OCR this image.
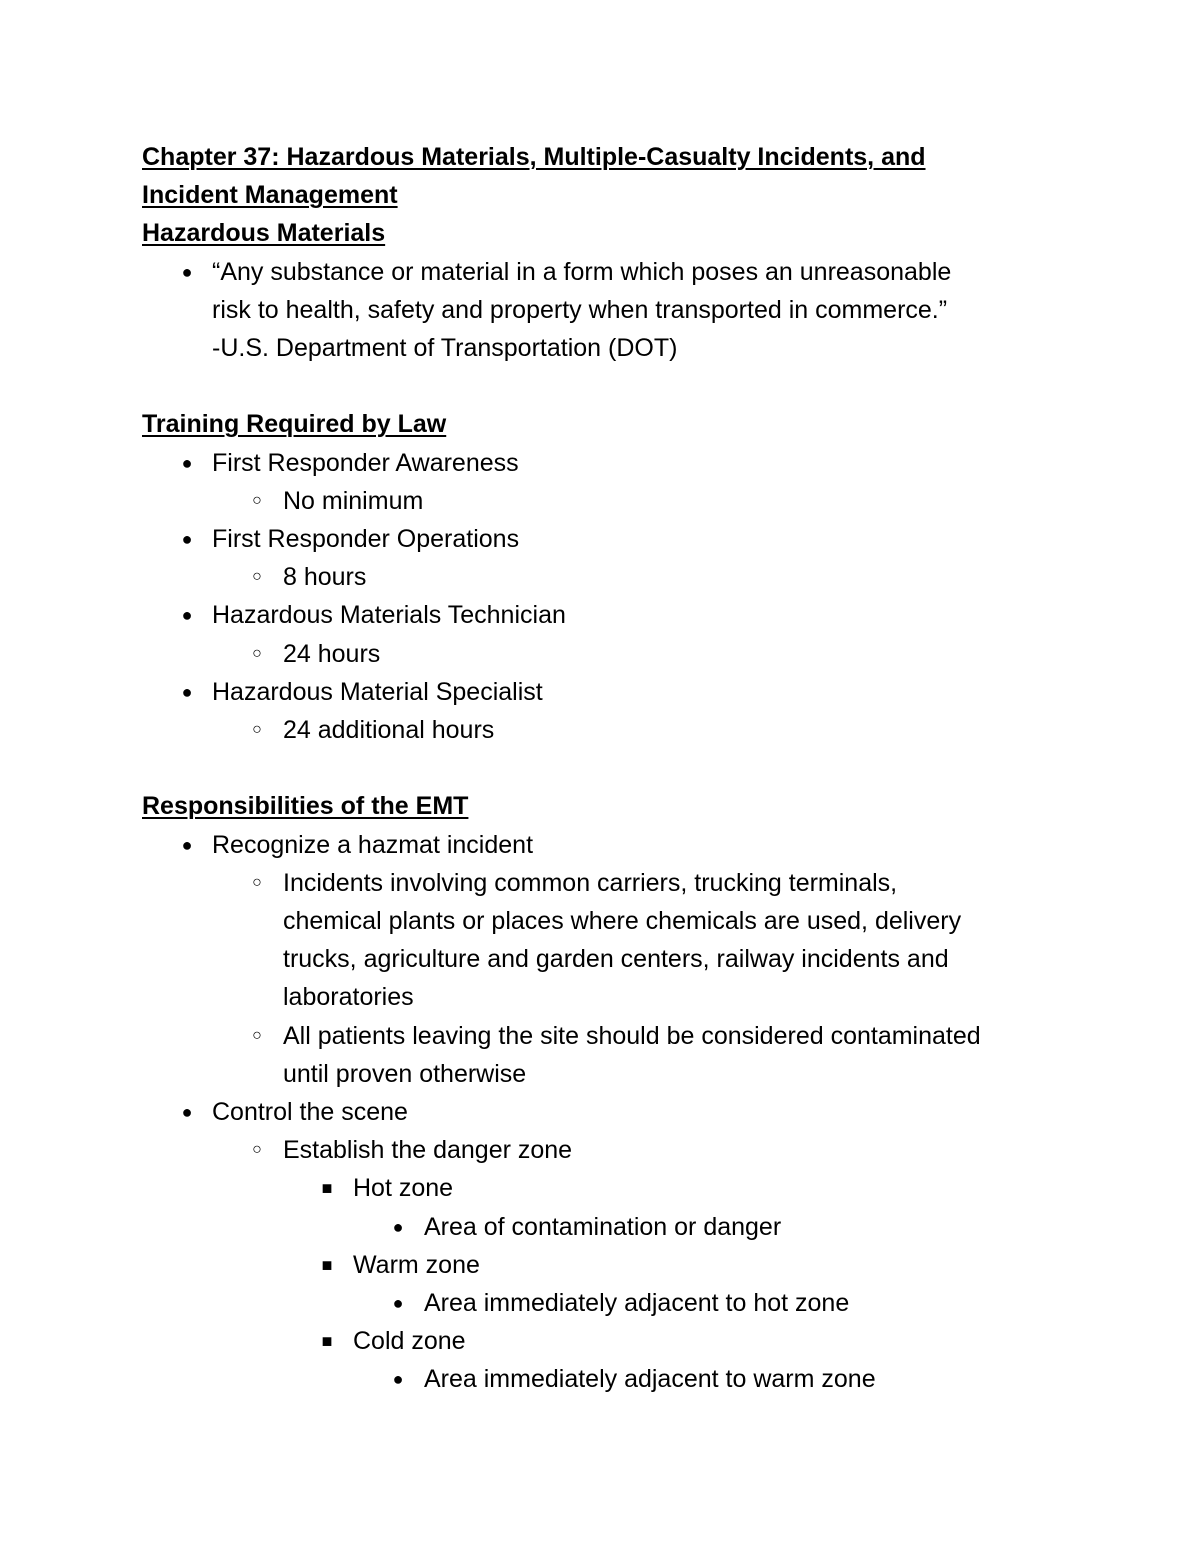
Chapter 37: Hazardous Materials, Multiple-Casualty Incidents, and
Incident Management
Hazardous Materials
● “Any substance or material in a form which poses an unreasonable
risk to health, safety and property when transported in commerce.”
-U.S. Department of Transportation (DOT)
Training Required by Law
● First Responder Awareness
○ No minimum
● First Responder Operations
○ 8 hours
● Hazardous Materials Technician
○ 24 hours
● Hazardous Material Specialist
○ 24 additional hours
Responsibilities of the EMT
● Recognize a hazmat incident
○ Incidents involving common carriers, trucking terminals,
chemical plants or places where chemicals are used, delivery
trucks, agriculture and garden centers, railway incidents and
laboratories
○ All patients leaving the site should be considered contaminated
until proven otherwise
● Control the scene
○ Establish the danger zone
■ Hot zone
● Area of contamination or danger
■ Warm zone
● Area immediately adjacent to hot zone
■ Cold zone
● Area immediately adjacent to warm zone
